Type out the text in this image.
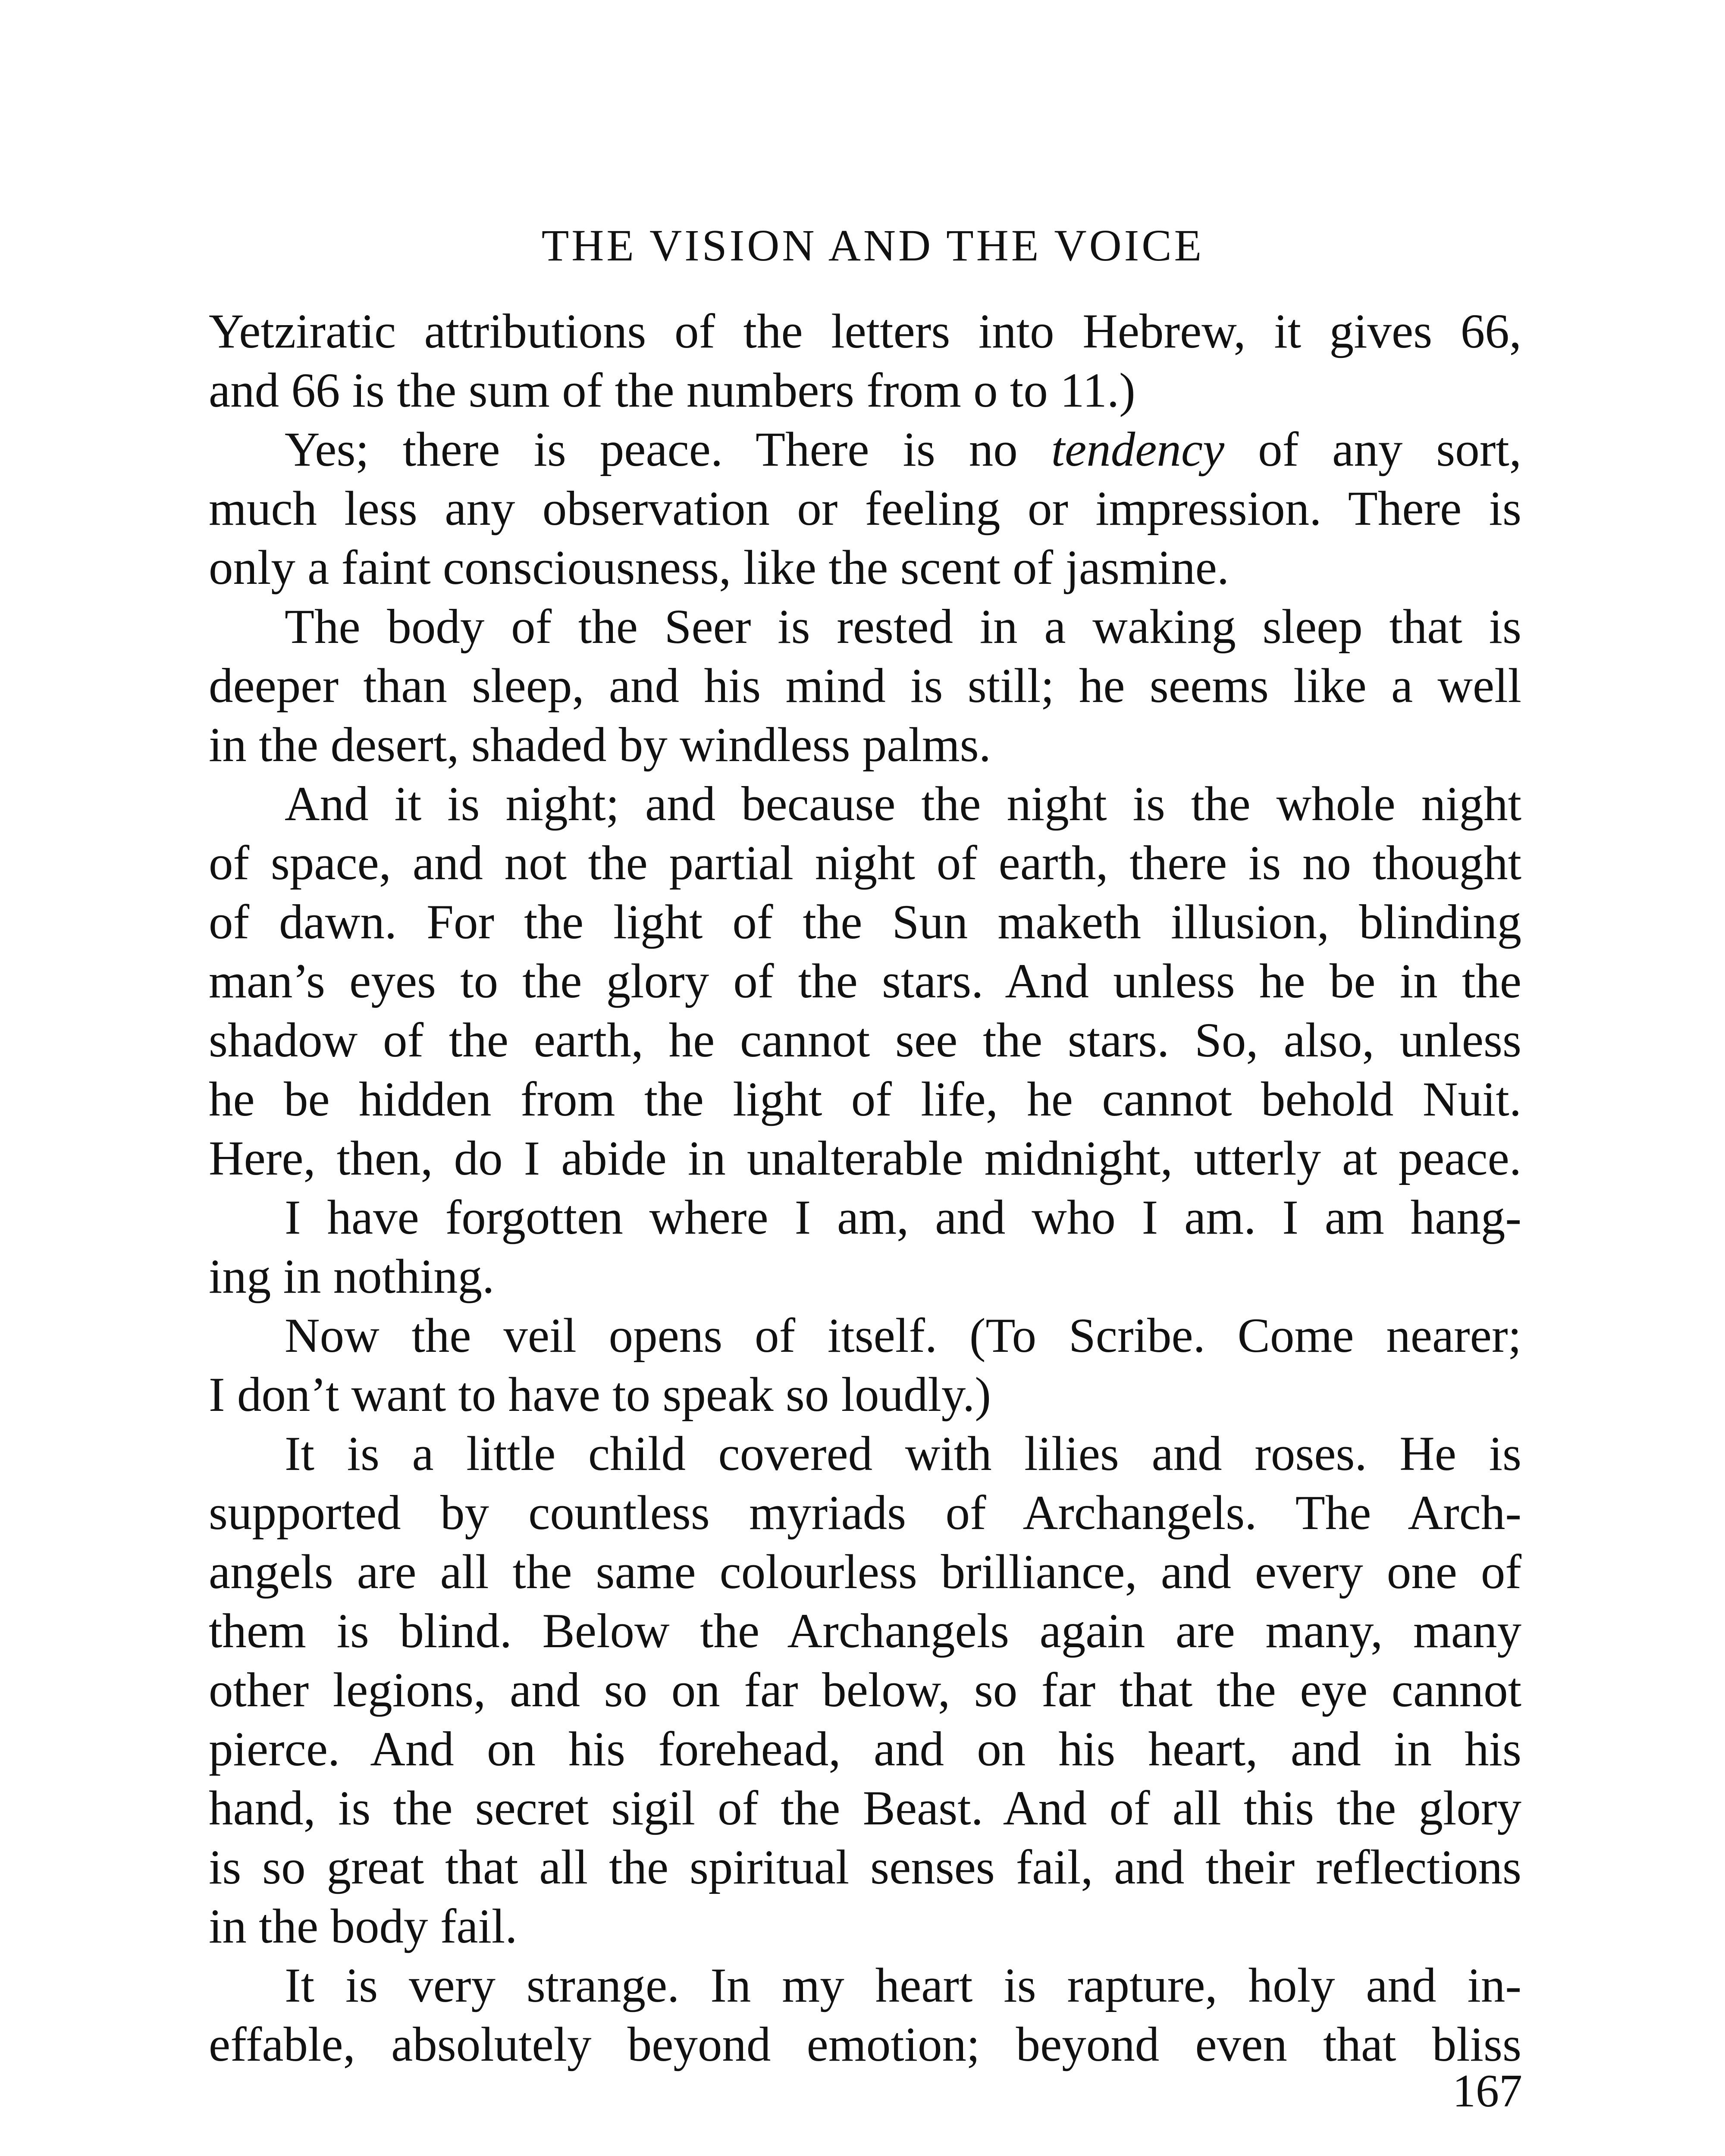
THE VISION AND THE VOICE
Yetziratic attributions of the letters into Hebrew, it gives 66,
and 66 is the sum of the numbers from o to 11.)
Yes; there is peace. There is no tendency of any sort,
much less any observation or feeling or impression. There is
only a faint consciousness, like the scent of jasmine.
The body of the Seer is rested in a waking sleep that is
deeper than sleep, and his mind is still; he seems like a well
in the desert, shaded by windless palms.
And it is night; and because the night is the whole night
of space, and not the partial night of earth, there is no thought
of dawn. For the light of the Sun maketh illusion, blinding
man’s eyes to the glory of the stars. And unless he be in the
shadow of the earth, he cannot see the stars. So, also, unless
he be hidden from the light of life, he cannot behold Nuit.
Here, then, do I abide in unalterable midnight, utterly at peace.
I have forgotten where I am, and who I am. I am hang-
ing in nothing.
Now the veil opens of itself. (To Scribe. Come nearer;
I don’t want to have to speak so loudly.)
It is a little child covered with lilies and roses. He is
supported by countless myriads of Archangels. The Arch-
angels are all the same colourless brilliance, and every one of
them is blind. Below the Archangels again are many, many
other legions, and so on far below, so far that the eye cannot
pierce. And on his forehead, and on his heart, and in his
hand, is the secret sigil of the Beast. And of all this the glory
is so great that all the spiritual senses fail, and their reflections
in the body fail.
It is very strange. In my heart is rapture, holy and in-
effable, absolutely beyond emotion; beyond even that bliss
167
